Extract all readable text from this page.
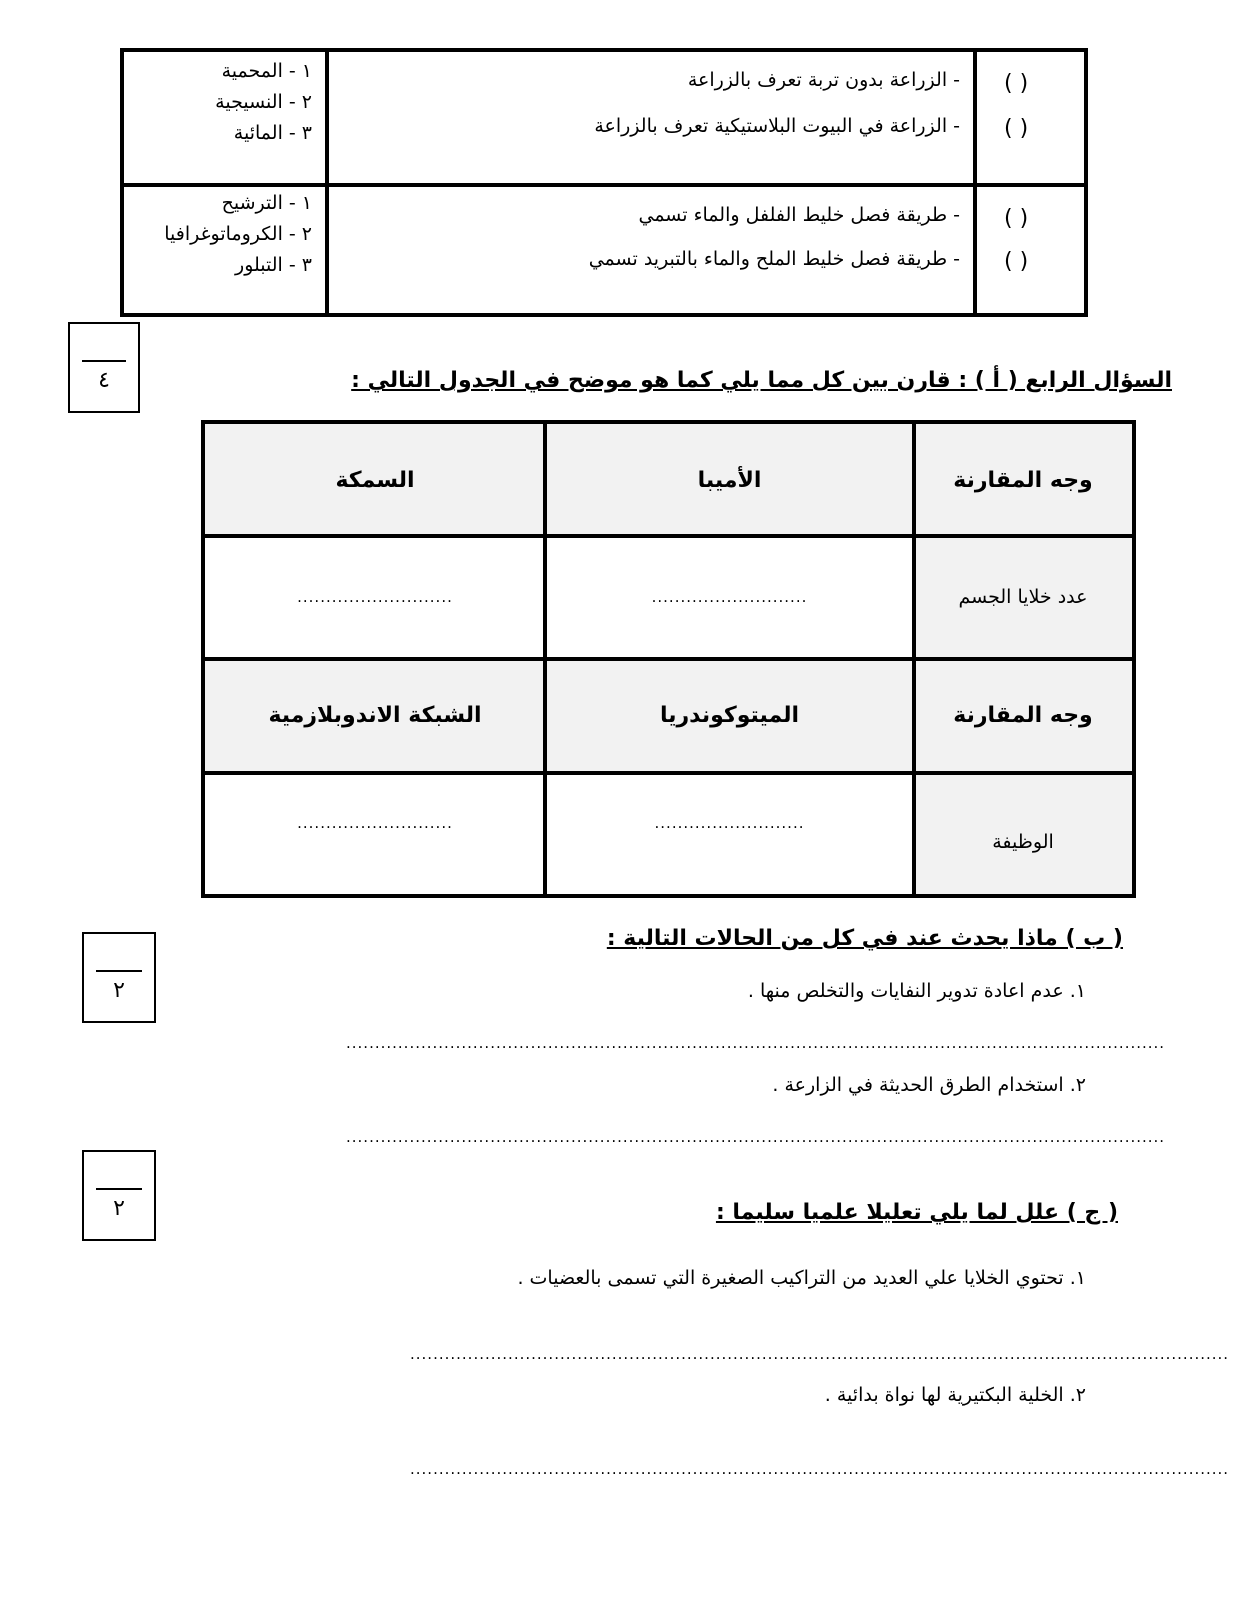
- الزراعة بدون تربة تعرف بالزراعة
- الزراعة في البيوت البلاستيكية تعرف بالزراعة
( )
( )
١ - المحمية
٢ - النسيجية
٣ - المائية
- طريقة فصل خليط الفلفل والماء تسمي
- طريقة فصل خليط الملح والماء بالتبريد تسمي
( )
( )
١ - الترشيح
٢ - الكروماتوغرافيا
٣ - التبلور
٤	السؤال الرابع ( أ ) : قارن بين كل مما يلي كما هو موضح في الجدول التالي :
وجه المقارنة
الأميبا
السمكة
عدد خلايا الجسم
...........................
...........................
وجه المقارنة
الميتوكوندريا
الشبكة الاندوبلازمية
الوظيفة
..........................
...........................
٢
( ب ) ماذا يحدث عند في كل من الحالات التالية :
١. عدم اعادة تدوير النفايات والتخلص منها .
..............................................................................................................................................
٢. استخدام الطرق الحديثة في الزارعة .
..............................................................................................................................................
٢	( ج ) علل لما يلي تعليلا علميا سليما :
١. تحتوي الخلايا علي العديد من التراكيب الصغيرة التي تسمى بالعضيات .
..............................................................................................................................................
٢. الخلية البكتيرية لها نواة بدائية .
..............................................................................................................................................
